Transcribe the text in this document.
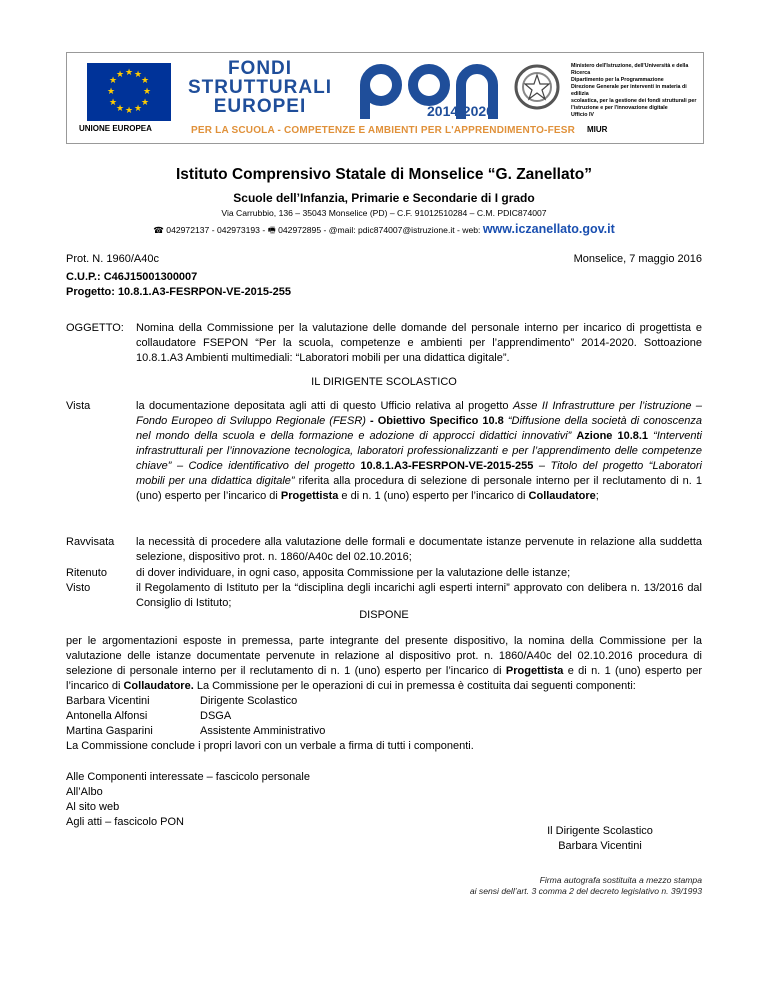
★ ★
★
★
★
★
★
★
★
★
★
★
UNIONE EUROPEA
FONDI
STRUTTURALI
EUROPEI	2014-2020
PER LA SCUOLA - COMPETENZE E AMBIENTI PER L'APPRENDIMENTO-FESR
Ministero dell'Istruzione, dell'Università e della Ricerca
Dipartimento per la Programmazione
Direzione Generale per interventi in materia di edilizia
scolastica, per la gestione dei fondi strutturali per
l'istruzione e per l'innovazione digitale
Ufficio IV
MIUR
Istituto Comprensivo Statale di Monselice “G. Zanellato”
Scuole dell’Infanzia, Primarie e Secondarie di I grado
Via Carrubbio, 136 – 35043 Monselice (PD) – C.F. 91012510284 – C.M. PDIC874007
☎ 042972137 - 042973193 - 🖷 042972895 - @mail: pdic874007@istruzione.it - web: www.iczanellato.gov.it
Prot. N. 1960/A40c	Monselice, 7 maggio 2016
C.U.P.: C46J15001300007
Progetto: 10.8.1.A3-FESRPON-VE-2015-255
OGGETTO: Nomina della Commissione per la valutazione delle domande del personale interno per incarico di progettista e collaudatore FSEPON “Per la scuola, competenze e ambienti per l’apprendimento” 2014-2020. Sottoazione 10.8.1.A3 Ambienti multimediali: “Laboratori mobili per una didattica digitale”.
IL DIRIGENTE SCOLASTICO
Vista	la documentazione depositata agli atti di questo Ufficio relativa al progetto Asse II Infrastrutture per l’istruzione – Fondo Europeo di Sviluppo Regionale (FESR) - Obiettivo Specifico 10.8 “Diffusione della società di conoscenza nel mondo della scuola e della formazione e adozione di approcci didattici innovativi” Azione 10.8.1 “Interventi infrastrutturali per l’innovazione tecnologica, laboratori professionalizzanti e per l’apprendimento delle competenze chiave” – Codice identificativo del progetto 10.8.1.A3-FESRPON-VE-2015-255 – Titolo del progetto “Laboratori mobili per una didattica digitale” riferita alla procedura di selezione di personale interno per il reclutamento di n. 1 (uno) esperto per l’incarico di Progettista e di n. 1 (uno) esperto per l’incarico di Collaudatore;
Ravvisata la necessità di procedere alla valutazione delle formali e documentate istanze pervenute in relazione alla suddetta selezione, dispositivo prot. n. 1860/A40c del 02.10.2016;
Ritenuto	di dover individuare, in ogni caso, apposita Commissione per la valutazione delle istanze;
Visto	il Regolamento di Istituto per la “disciplina degli incarichi agli esperti interni” approvato con delibera n. 13/2016 dal Consiglio di Istituto;
DISPONE
per le argomentazioni esposte in premessa, parte integrante del presente dispositivo, la nomina della Commissione per la valutazione delle istanze documentate pervenute in relazione al dispositivo prot. n. 1860/A40c del 02.10.2016 procedura di selezione di personale interno per il reclutamento di n. 1 (uno) esperto per l’incarico di Progettista e di n. 1 (uno) esperto per l’incarico di Collaudatore. La Commissione per le operazioni di cui in premessa è costituita dai seguenti componenti:
Barbara Vicentini	Dirigente Scolastico
Antonella Alfonsi	DSGA
Martina Gasparini	Assistente Amministrativo
La Commissione conclude i propri lavori con un verbale a firma di tutti i componenti.
Alle Componenti interessate – fascicolo personale
All’Albo
Al sito web
Agli atti – fascicolo PON
Il Dirigente Scolastico
Barbara Vicentini
Firma autografa sostituita a mezzo stampa
ai sensi dell’art. 3 comma 2 del decreto legislativo n. 39/1993
